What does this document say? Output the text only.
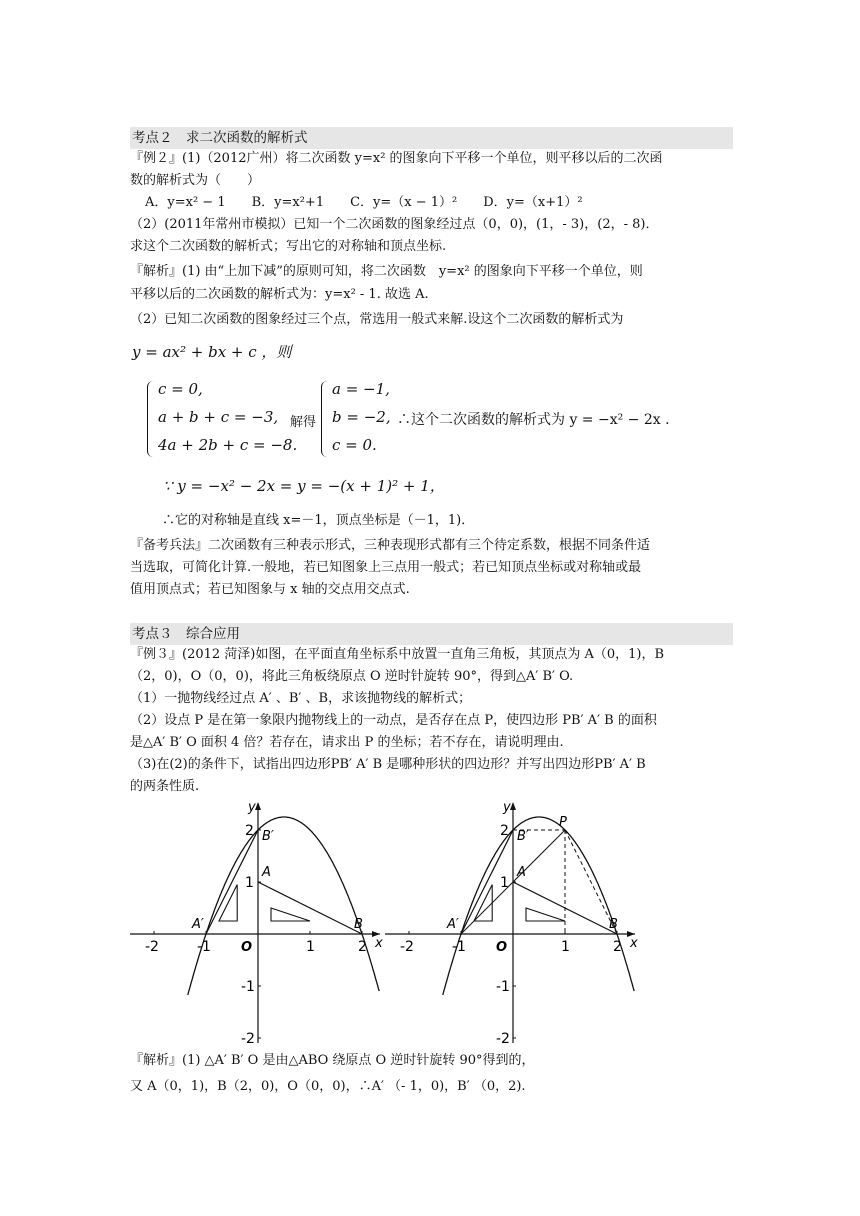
考点２　求二次函数的解析式
『例２』(1)（2012广州）将二次函数 y=x² 的图象向下平移一个单位，则平移以后的二次函
数的解析式为（　　）
A．y=x² − 1　　B．y=x²+1　　C．y=（x − 1）²　　D．y=（x+1）²
（2）(2011年常州市模拟）已知一个二次函数的图象经过点（0，0)，(1，- 3)，(2，- 8)．
求这个二次函数的解析式；写出它的对称轴和顶点坐标.
『解析』(1) 由“上加下减”的原则可知，将二次函数　y=x² 的图象向下平移一个单位，则
平移以后的二次函数的解析式为：y=x² - 1. 故选 A.
（2）已知二次函数的图象经过三个点，常选用一般式来解.设这个二次函数的解析式为
y = ax² + bx + c ，则
c = 0,
a + b + c = −3,
4a + 2b + c = −8.
解得
a = −1,
b = −2,
c = 0.
∴这个二次函数的解析式为 y = −x² − 2x .
∵ y = −x² − 2x = y = −(x + 1)² + 1，
∴它的对称轴是直线 x=－1，顶点坐标是（－1，1)．
『备考兵法』二次函数有三种表示形式，三种表现形式都有三个待定系数，根据不同条件适
当选取，可简化计算.一般地，若已知图象上三点用一般式；若已知顶点坐标或对称轴或最
值用顶点式；若已知图象与 x 轴的交点用交点式.
考点３　综合应用
『例３』(2012 菏泽)如图，在平面直角坐标系中放置一直角三角板，其顶点为 A（0，1)，B
（2，0)，O（0，0)，将此三角板绕原点 O 逆时针旋转 90°，得到△A′ B′ O.
（1）一抛物线经过点 A′ 、B′ 、B，求该抛物线的解析式；
（2）设点 P 是在第一象限内抛物线上的一动点，是否存在点 P，使四边形 PB′ A′ B 的面积
是△A′ B′ O 面积 4 倍？若存在，请求出 P 的坐标；若不存在，请说明理由.
（3)在(2)的条件下，试指出四边形PB′ A′ B 是哪种形状的四边形？并写出四边形PB′ A′ B
的两条性质.
x
y
-2	-1	1	2
2
1
-1
-2
O
A
B
A′
B′
x
y
-2	-1	1	2
2
1
-1
-2
O
A
B
A′
B′
P
『解析』(1) △A′ B′ O 是由△ABO 绕原点 O 逆时针旋转 90°得到的，
又 A（0，1)，B（2，0)，O（0，0)，∴A′ （- 1，0)，B′ （0，2).
